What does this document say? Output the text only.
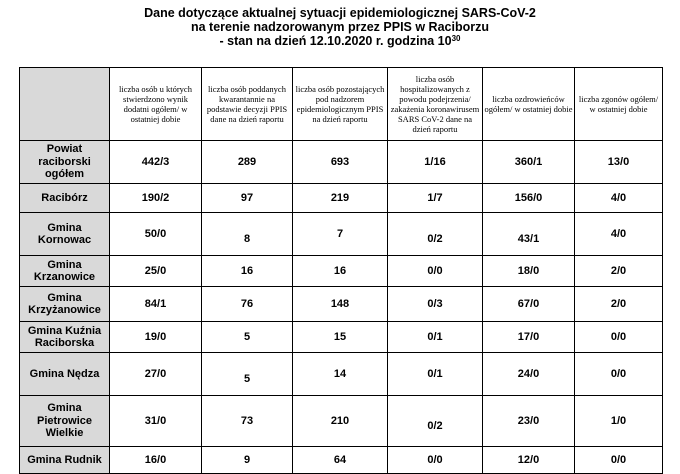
Dane dotyczące aktualnej sytuacji epidemiologicznej SARS-CoV-2
na terenie nadzorowanym przez PPIS w Raciborzu
- stan na dzień 12.10.2020 r. godzina $10^{30}$
	liczba osób u których stwierdzono wynik dodatni ogółem/ w ostatniej dobie	liczba osób poddanych kwarantannie na podstawie decyzji PPIS dane na dzień raportu	liczba osób pozostających pod nadzorem epidemiologicznym PPIS na dzień raportu	liczba osób hospitalizowanych z powodu podejrzenia/ zakażenia koronawirusem SARS CoV-2 dane na dzień raportu	liczba ozdrowieńców ogółem/ w ostatniej dobie	liczba zgonów ogółem/ w ostatniej dobie
Powiat raciborski ogółem	442/3	289	693	1/16	360/1	13/0
Racibórz	190/2	97	219	1/7	156/0	4/0
Gmina Kornowac	50/0	8	7	0/2	43/1	4/0
Gmina Krzanowice	25/0	16	16	0/0	18/0	2/0
Gmina Krzyżanowice	84/1	76	148	0/3	67/0	2/0
Gmina Kuźnia Raciborska	19/0	5	15	0/1	17/0	0/0
Gmina Nędza	27/0	5	14	0/1	24/0	0/0
Gmina Pietrowice Wielkie	31/0	73	210	0/2	23/0	1/0
Gmina Rudnik	16/0	9	64	0/0	12/0	0/0
